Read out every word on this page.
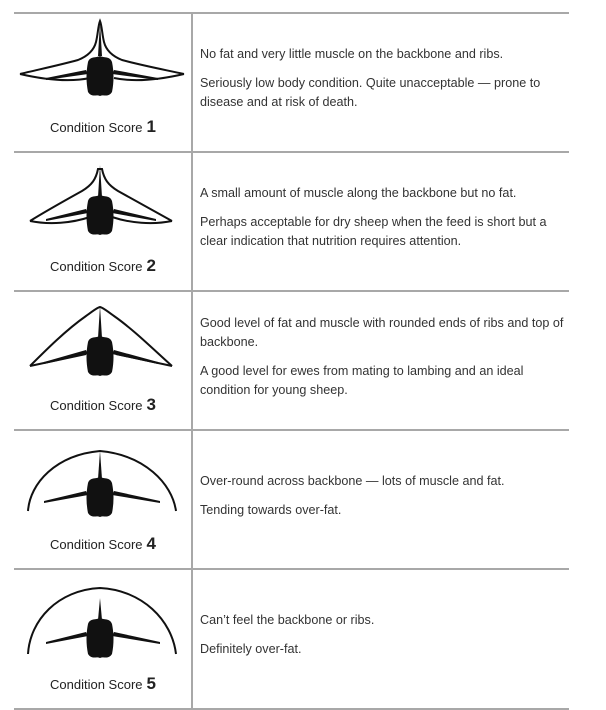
Condition Score 1

No fat and very little muscle on the backbone and ribs.

Seriously low body condition. Quite unacceptable — prone to disease and at risk of death.

Condition Score 2

A small amount of muscle along the backbone but no fat.

Perhaps acceptable for dry sheep when the feed is short but a clear indication that nutrition requires attention.

Condition Score 3

Good level of fat and muscle with rounded ends of ribs and top of backbone.

A good level for ewes from mating to lambing and an ideal condition for young sheep.

Condition Score 4

Over-round across backbone — lots of muscle and fat.

Tending towards over-fat.

Condition Score 5

Can’t feel the backbone or ribs.

Definitely over-fat.
